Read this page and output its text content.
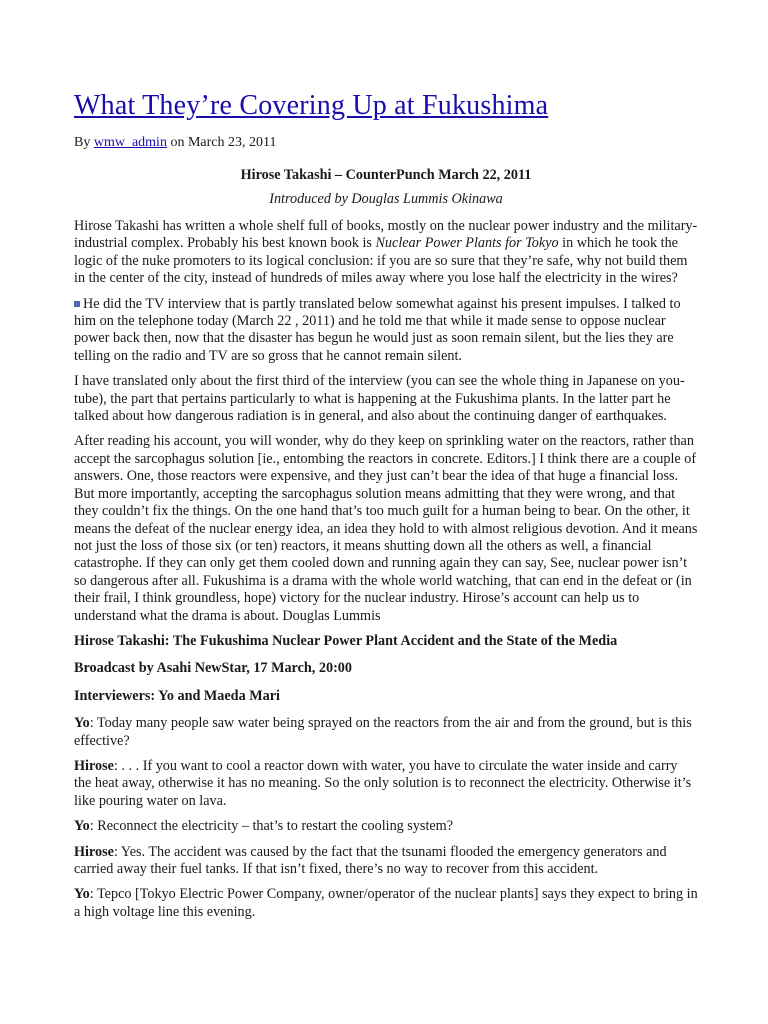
What They’re Covering Up at Fukushima
By wmw_admin on March 23, 2011
Hirose Takashi – CounterPunch March 22, 2011
Introduced by Douglas Lummis Okinawa

Hirose Takashi has written a whole shelf full of books, mostly on the nuclear power industry and the military-industrial complex. Probably his best known book is Nuclear Power Plants for Tokyo in which he took the logic of the nuke promoters to its logical conclusion: if you are so sure that they’re safe, why not build them in the center of the city, instead of hundreds of miles away where you lose half the electricity in the wires?

He did the TV interview that is partly translated below somewhat against his present impulses. I talked to him on the telephone today (March 22 , 2011) and he told me that while it made sense to oppose nuclear power back then, now that the disaster has begun he would just as soon remain silent, but the lies they are telling on the radio and TV are so gross that he cannot remain silent.

I have translated only about the first third of the interview (you can see the whole thing in Japanese on you-tube), the part that pertains particularly to what is happening at the Fukushima plants. In the latter part he talked about how dangerous radiation is in general, and also about the continuing danger of earthquakes.

After reading his account, you will wonder, why do they keep on sprinkling water on the reactors, rather than accept the sarcophagus solution [ie., entombing the reactors in concrete. Editors.] I think there are a couple of answers. One, those reactors were expensive, and they just can’t bear the idea of that huge a financial loss. But more importantly, accepting the sarcophagus solution means admitting that they were wrong, and that they couldn’t fix the things. On the one hand that’s too much guilt for a human being to bear. On the other, it means the defeat of the nuclear energy idea, an idea they hold to with almost religious devotion. And it means not just the loss of those six (or ten) reactors, it means shutting down all the others as well, a financial catastrophe. If they can only get them cooled down and running again they can say, See, nuclear power isn’t so dangerous after all. Fukushima is a drama with the whole world watching, that can end in the defeat or (in their frail, I think groundless, hope) victory for the nuclear industry. Hirose’s account can help us to understand what the drama is about. Douglas Lummis

Hirose Takashi: The Fukushima Nuclear Power Plant Accident and the State of the Media

Broadcast by Asahi NewStar, 17 March, 20:00

Interviewers: Yo and Maeda Mari

Yo: Today many people saw water being sprayed on the reactors from the air and from the ground, but is this effective?

Hirose: . . . If you want to cool a reactor down with water, you have to circulate the water inside and carry the heat away, otherwise it has no meaning. So the only solution is to reconnect the electricity. Otherwise it’s like pouring water on lava.

Yo: Reconnect the electricity – that’s to restart the cooling system?

Hirose: Yes. The accident was caused by the fact that the tsunami flooded the emergency generators and carried away their fuel tanks. If that isn’t fixed, there’s no way to recover from this accident.

Yo: Tepco [Tokyo Electric Power Company, owner/operator of the nuclear plants] says they expect to bring in a high voltage line this evening.
